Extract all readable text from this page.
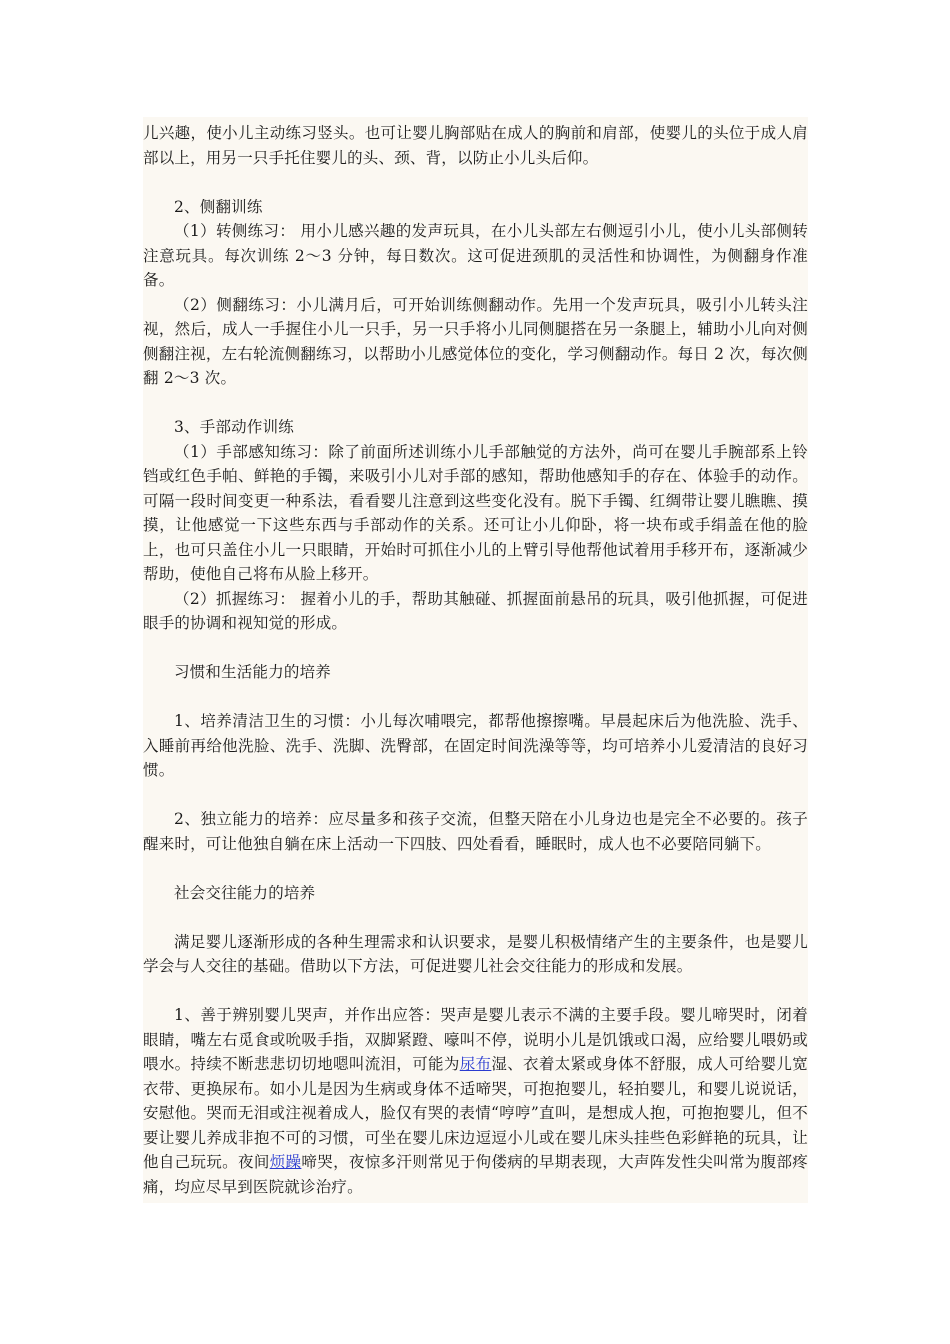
儿兴趣，使小儿主动练习竖头。也可让婴儿胸部贴在成人的胸前和肩部，使婴儿的头位于成人肩部以上，用另一只手托住婴儿的头、颈、背，以防止小儿头后仰。

2、侧翻训练

（1）转侧练习： 用小儿感兴趣的发声玩具，在小儿头部左右侧逗引小儿，使小儿头部侧转注意玩具。每次训练 2～3 分钟，每日数次。这可促进颈肌的灵活性和协调性，为侧翻身作准备。

（2）侧翻练习：小儿满月后，可开始训练侧翻动作。先用一个发声玩具，吸引小儿转头注视，然后，成人一手握住小儿一只手，另一只手将小儿同侧腿搭在另一条腿上，辅助小儿向对侧侧翻注视，左右轮流侧翻练习，以帮助小儿感觉体位的变化，学习侧翻动作。每日 2 次，每次侧翻 2～3 次。

3、手部动作训练

（1）手部感知练习：除了前面所述训练小儿手部触觉的方法外，尚可在婴儿手腕部系上铃铛或红色手帕、鲜艳的手镯，来吸引小儿对手部的感知，帮助他感知手的存在、体验手的动作。可隔一段时间变更一种系法，看看婴儿注意到这些变化没有。脱下手镯、红绸带让婴儿瞧瞧、摸摸，让他感觉一下这些东西与手部动作的关系。还可让小儿仰卧，将一块布或手绢盖在他的脸上，也可只盖住小儿一只眼睛，开始时可抓住小儿的上臂引导他帮他试着用手移开布，逐渐减少帮助，使他自己将布从脸上移开。

（2）抓握练习： 握着小儿的手，帮助其触碰、抓握面前悬吊的玩具，吸引他抓握，可促进眼手的协调和视知觉的形成。

习惯和生活能力的培养

1、培养清洁卫生的习惯：小儿每次哺喂完，都帮他擦擦嘴。早晨起床后为他洗脸、洗手、入睡前再给他洗脸、洗手、洗脚、洗臀部，在固定时间洗澡等等，均可培养小儿爱清洁的良好习惯。

2、独立能力的培养：应尽量多和孩子交流，但整天陪在小儿身边也是完全不必要的。孩子醒来时，可让他独自躺在床上活动一下四肢、四处看看，睡眠时，成人也不必要陪同躺下。

社会交往能力的培养

满足婴儿逐渐形成的各种生理需求和认识要求，是婴儿积极情绪产生的主要条件，也是婴儿学会与人交往的基础。借助以下方法，可促进婴儿社会交往能力的形成和发展。

1、善于辨别婴儿哭声，并作出应答：哭声是婴儿表示不满的主要手段。婴儿啼哭时，闭着眼睛，嘴左右觅食或吮吸手指，双脚紧蹬、嚎叫不停，说明小儿是饥饿或口渴，应给婴儿喂奶或喂水。持续不断悲悲切切地嗯叫流泪，可能为尿布湿、衣着太紧或身体不舒服，成人可给婴儿宽衣带、更换尿布。如小儿是因为生病或身体不适啼哭，可抱抱婴儿，轻拍婴儿，和婴儿说说话，安慰他。哭而无泪或注视着成人，脸仅有哭的表情“哼哼”直叫，是想成人抱，可抱抱婴儿，但不要让婴儿养成非抱不可的习惯，可坐在婴儿床边逗逗小儿或在婴儿床头挂些色彩鲜艳的玩具，让他自己玩玩。夜间烦躁啼哭，夜惊多汗则常见于佝偻病的早期表现，大声阵发性尖叫常为腹部疼痛，均应尽早到医院就诊治疗。
